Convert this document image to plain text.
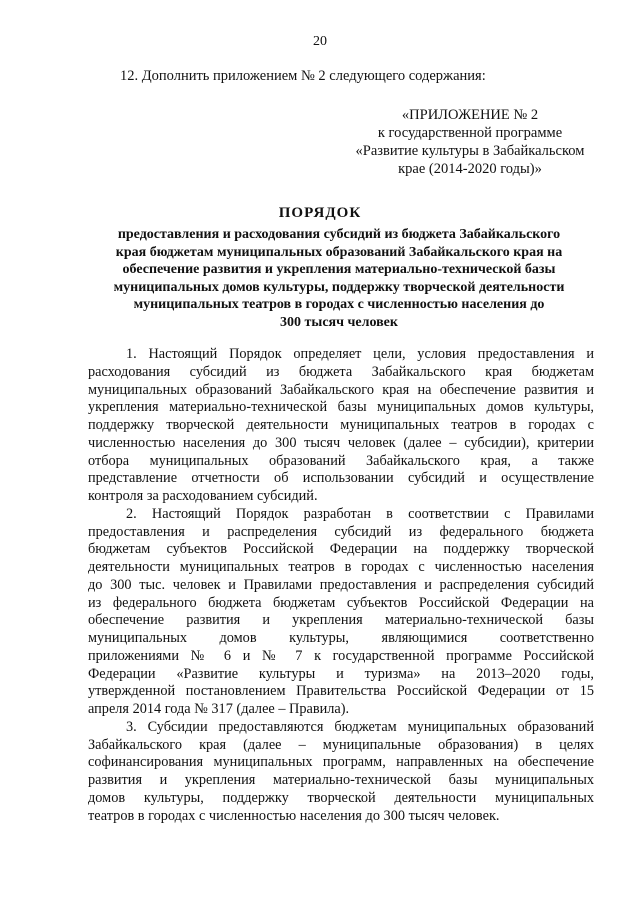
20
12. Дополнить приложением № 2 следующего содержания:
«ПРИЛОЖЕНИЕ № 2
к государственной программе
«Развитие культуры в Забайкальском
крае (2014-2020 годы)»
ПОРЯДОК
предоставления и расходования субсидий из бюджета Забайкальского
края бюджетам муниципальных образований Забайкальского края на
обеспечение развития и укрепления материально-технической базы
муниципальных домов культуры, поддержку творческой деятельности
муниципальных театров в городах с численностью населения до
300 тысяч человек
1. Настоящий Порядок определяет цели, условия предоставления и
расходования субсидий из бюджета Забайкальского края бюджетам
муниципальных образований Забайкальского края на обеспечение развития и
укрепления материально-технической базы муниципальных домов культуры,
поддержку творческой деятельности муниципальных театров в городах с
численностью населения до 300 тысяч человек (далее – субсидии), критерии
отбора муниципальных образований Забайкальского края, а также
представление отчетности об использовании субсидий и осуществление
контроля за расходованием субсидий.
2. Настоящий Порядок разработан в соответствии с Правилами
предоставления и распределения субсидий из федерального бюджета
бюджетам субъектов Российской Федерации на поддержку творческой
деятельности муниципальных театров в городах с численностью населения
до 300 тыс. человек и Правилами предоставления и распределения субсидий
из федерального бюджета бюджетам субъектов Российской Федерации на
обеспечение развития и укрепления материально-технической базы
муниципальных домов культуры, являющимися соответственно
приложениями № 6 и № 7 к государственной программе Российской
Федерации «Развитие культуры и туризма» на 2013–2020 годы,
утвержденной постановлением Правительства Российской Федерации от 15
апреля 2014 года № 317 (далее – Правила).
3. Субсидии предоставляются бюджетам муниципальных образований
Забайкальского края (далее – муниципальные образования) в целях
софинансирования муниципальных программ, направленных на обеспечение
развития и укрепления материально-технической базы муниципальных
домов культуры, поддержку творческой деятельности муниципальных
театров в городах с численностью населения до 300 тысяч человек.
